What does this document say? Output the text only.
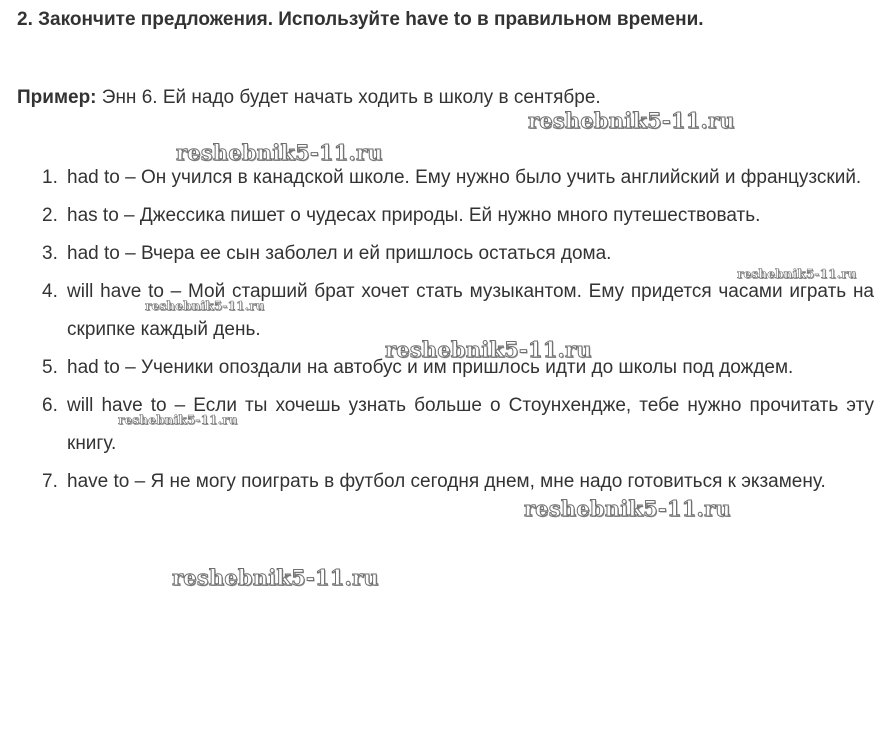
2. Закончите предложения. Используйте have to в правильном времени.
Пример: Энн 6. Ей надо будет начать ходить в школу в сентябре.
1. had to – Он учился в канадской школе. Ему нужно было учить английский и французский.
2. has to – Джессика пишет о чудесах природы. Ей нужно много путешествовать.
3. had to – Вчера ее сын заболел и ей пришлось остаться дома.
4. will have to – Мой старший брат хочет стать музыкантом. Ему придется часами играть на скрипке каждый день.
5. had to – Ученики опоздали на автобус и им пришлось идти до школы под дождем.
6. will have to – Если ты хочешь узнать больше о Стоунхендже, тебе нужно прочитать эту книгу.
7. have to – Я не могу поиграть в футбол сегодня днем, мне надо готовиться к экзамену.
reshebnik5-11.ru
reshebnik5-11.ru
reshebnik5-11.ru
reshebnik5-11.ru
reshebnik5-11.ru
reshebnik5-11.ru
reshebnik5-11.ru
reshebnik5-11.ru
